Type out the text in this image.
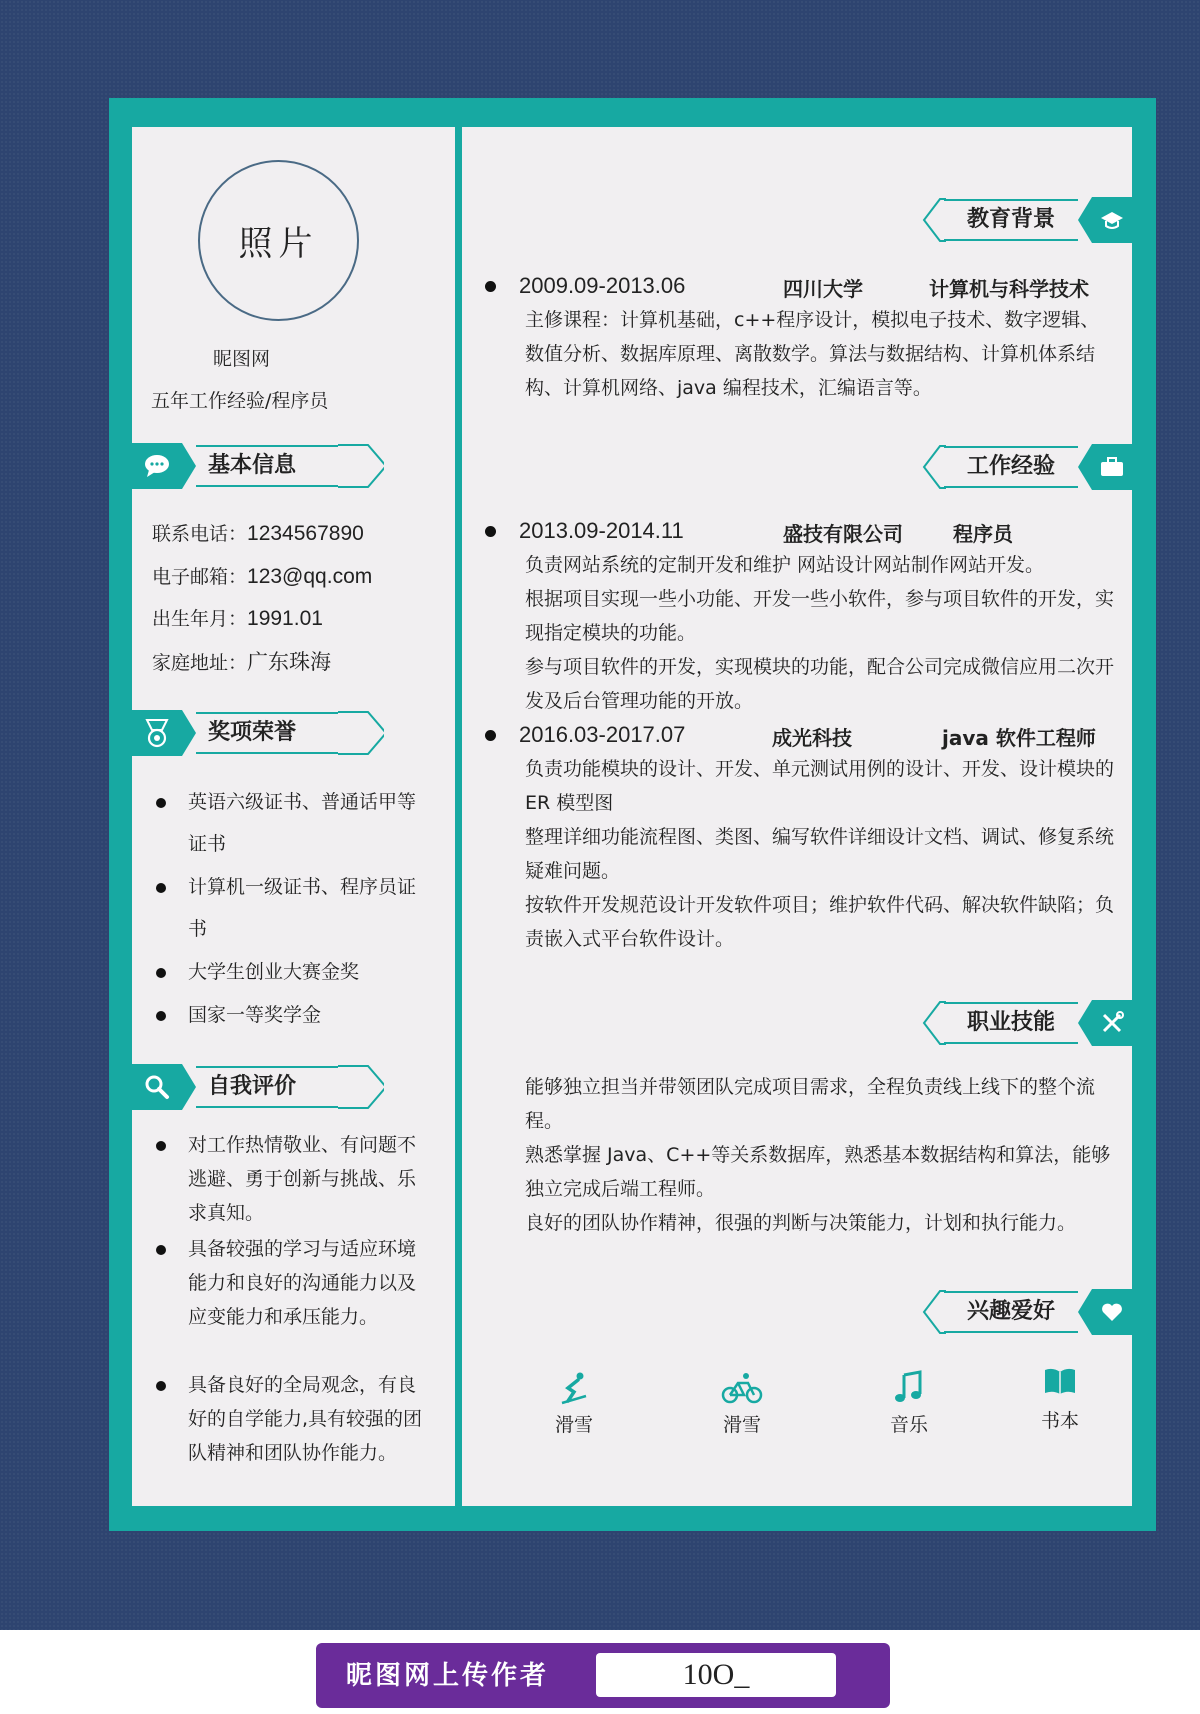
照片
昵图网
五年工作经验/程序员
基本信息
联系电话：1234567890
电子邮箱：123@qq.com
出生年月：1991.01
家庭地址：广东珠海
奖项荣誉
英语六级证书、普通话甲等证书
计算机一级证书、程序员证书
大学生创业大赛金奖
国家一等奖学金
自我评价
对工作热情敬业、有问题不逃避、勇于创新与挑战、乐求真知。
具备较强的学习与适应环境能力和良好的沟通能力以及应变能力和承压能力。
具备良好的全局观念，有良好的自学能力,具有较强的团队精神和团队协作能力。
教育背景
2009.09-2013.06	四川大学	计算机与科学技术
主修课程：计算机基础，c++程序设计，模拟电子技术、数字逻辑、数值分析、数据库原理、离散数学。算法与数据结构、计算机体系结构、计算机网络、java 编程技术，汇编语言等。
工作经验
2013.09-2014.11	盛技有限公司	程序员
负责网站系统的定制开发和维护 网站设计网站制作网站开发。
根据项目实现一些小功能、开发一些小软件，参与项目软件的开发，实现指定模块的功能。
参与项目软件的开发，实现模块的功能，配合公司完成微信应用二次开发及后台管理功能的开放。
2016.03-2017.07	成光科技	java 软件工程师
负责功能模块的设计、开发、单元测试用例的设计、开发、设计模块的 ER 模型图
整理详细功能流程图、类图、编写软件详细设计文档、调试、修复系统疑难问题。
按软件开发规范设计开发软件项目；维护软件代码、解决软件缺陷；负责嵌入式平台软件设计。
职业技能
能够独立担当并带领团队完成项目需求，全程负责线上线下的整个流程。
熟悉掌握 Java、C++等关系数据库，熟悉基本数据结构和算法，能够独立完成后端工程师。
良好的团队协作精神，很强的判断与决策能力，计划和执行能力。
兴趣爱好
滑雪	滑雪	音乐	书本
昵图网上传作者	10O_
